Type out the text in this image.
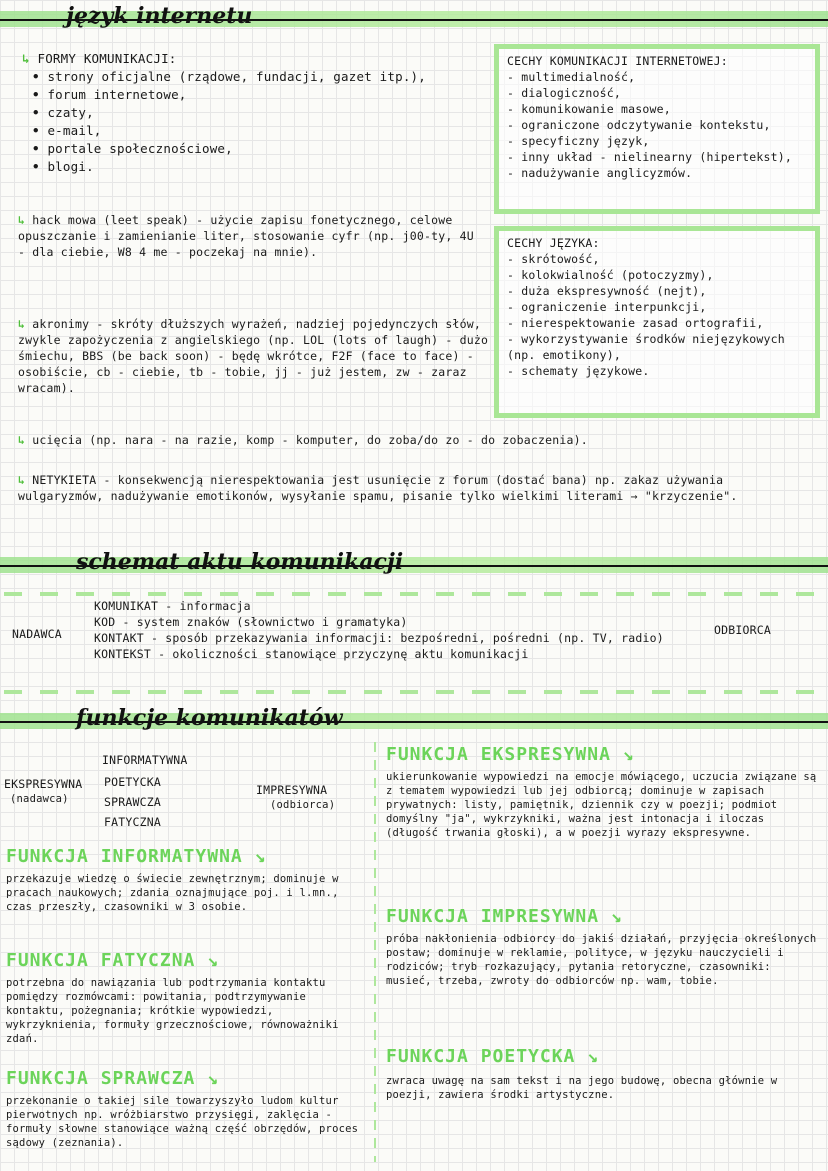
język internetu
↳ FORMY KOMUNIKACJI:
• strony oficjalne (rządowe, fundacji, gazet itp.),
• forum internetowe,
• czaty,
• e-mail,
• portale społecznościowe,
• blogi.
CECHY KOMUNIKACJI INTERNETOWEJ:
- multimedialność,
- dialogiczność,
- komunikowanie masowe,
- ograniczone odczytywanie kontekstu,
- specyficzny język,
- inny układ - nielinearny (hipertekst),
- nadużywanie anglicyzmów.
↳ hack mowa (leet speak) - użycie zapisu fonetycznego, celowe opuszczanie i zamienianie liter, stosowanie cyfr (np. j00-ty, 4U - dla ciebie, W8 4 me - poczekaj na mnie).
CECHY JĘZYKA:
- skrótowość,
- kolokwialność (potoczyzmy),
- duża ekspresywność (nejt),
- ograniczenie interpunkcji,
- nierespektowanie zasad ortografii,
- wykorzystywanie środków niejęzykowych (np. emotikony),
- schematy językowe.
↳ akronimy - skróty dłuższych wyrażeń, nadziej pojedynczych słów, zwykle zapożyczenia z angielskiego (np. LOL (lots of laugh) - dużo śmiechu, BBS (be back soon) - będę wkrótce, F2F (face to face) - osobiście, cb - ciebie, tb - tobie, jj - już jestem, zw - zaraz wracam).
↳ ucięcia (np. nara - na razie, komp - komputer, do zoba/do zo - do zobaczenia).
↳ NETYKIETA - konsekwencją nierespektowania jest usunięcie z forum (dostać bana) np. zakaz używania wulgaryzmów, nadużywanie emotikonów, wysyłanie spamu, pisanie tylko wielkimi literami → "krzyczenie".
schemat aktu komunikacji
NADAWCA	ODBIORCA
KOMUNIKAT - informacja
KOD - system znaków (słownictwo i gramatyka)
KONTAKT - sposób przekazywania informacji: bezpośredni, pośredni (np. TV, radio)
KONTEKST - okoliczności stanowiące przyczynę aktu komunikacji
funkcje komunikatów
INFORMATYWNA
EKSPRESYWNA
(nadawca)
POETYCKA
SPRAWCZA
FATYCZNA
IMPRESYWNA
(odbiorca)
FUNKCJA INFORMATYWNA ↘
przekazuje wiedzę o świecie zewnętrznym; dominuje w pracach naukowych; zdania oznajmujące poj. i l.mn., czas przeszły, czasowniki w 3 osobie.
FUNKCJA FATYCZNA ↘
potrzebna do nawiązania lub podtrzymania kontaktu pomiędzy rozmówcami: powitania, podtrzymywanie kontaktu, pożegnania; krótkie wypowiedzi, wykrzyknienia, formuły grzecznościowe, równoważniki zdań.
FUNKCJA SPRAWCZA ↘
przekonanie o takiej sile towarzyszyło ludom kultur pierwotnych np. wróżbiarstwo przysięgi, zaklęcia - formuły słowne stanowiące ważną część obrzędów, proces sądowy (zeznania).
FUNKCJA EKSPRESYWNA ↘
ukierunkowanie wypowiedzi na emocje mówiącego, uczucia związane są z tematem wypowiedzi lub jej odbiorcą; dominuje w zapisach prywatnych: listy, pamiętnik, dziennik czy w poezji; podmiot domyślny "ja", wykrzykniki, ważna jest intonacja i iloczas (długość trwania głoski), a w poezji wyrazy ekspresywne.
FUNKCJA IMPRESYWNA ↘
próba nakłonienia odbiorcy do jakiś działań, przyjęcia określonych postaw; dominuje w reklamie, polityce, w języku nauczycieli i rodziców; tryb rozkazujący, pytania retoryczne, czasowniki: musieć, trzeba, zwroty do odbiorców np. wam, tobie.
FUNKCJA POETYCKA ↘
zwraca uwagę na sam tekst i na jego budowę, obecna głównie w poezji, zawiera środki artystyczne.
